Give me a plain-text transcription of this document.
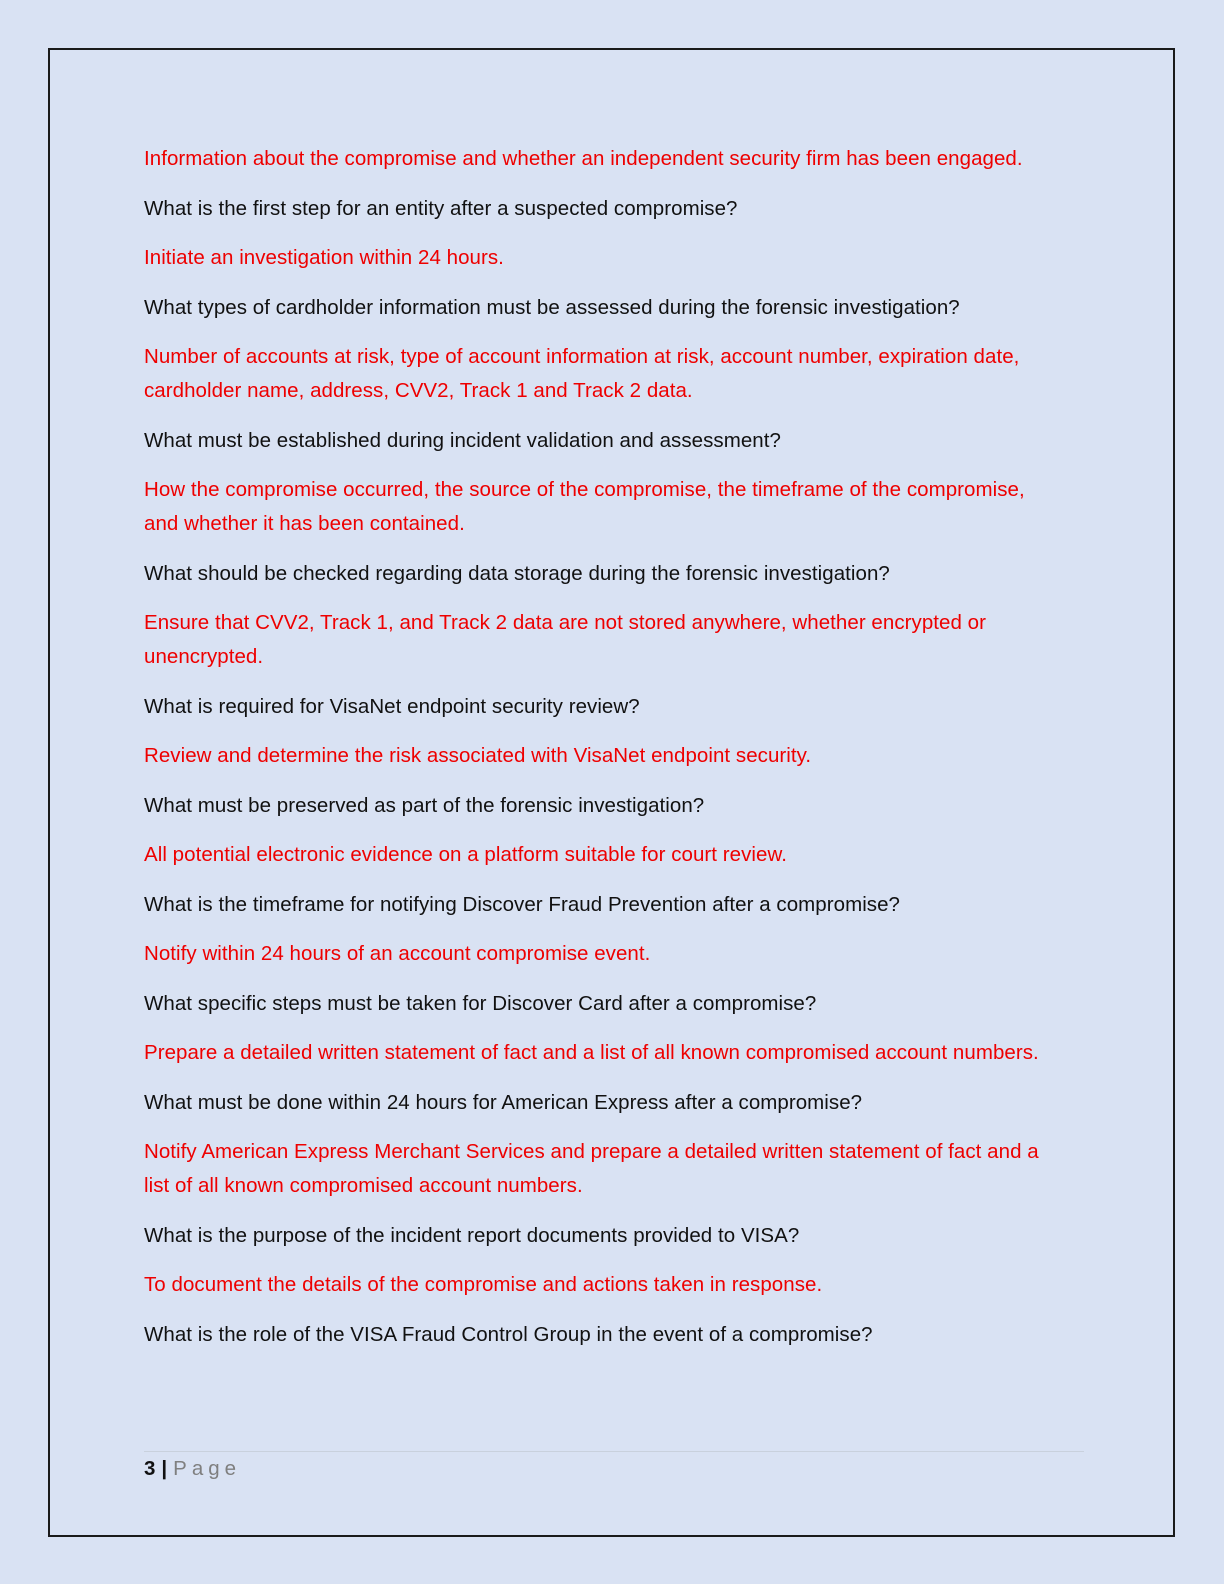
Information about the compromise and whether an independent security firm has been engaged.

What is the first step for an entity after a suspected compromise?

Initiate an investigation within 24 hours.

What types of cardholder information must be assessed during the forensic investigation?

Number of accounts at risk, type of account information at risk, account number, expiration date, cardholder name, address, CVV2, Track 1 and Track 2 data.

What must be established during incident validation and assessment?

How the compromise occurred, the source of the compromise, the timeframe of the compromise, and whether it has been contained.

What should be checked regarding data storage during the forensic investigation?

Ensure that CVV2, Track 1, and Track 2 data are not stored anywhere, whether encrypted or unencrypted.

What is required for VisaNet endpoint security review?

Review and determine the risk associated with VisaNet endpoint security.

What must be preserved as part of the forensic investigation?

All potential electronic evidence on a platform suitable for court review.

What is the timeframe for notifying Discover Fraud Prevention after a compromise?

Notify within 24 hours of an account compromise event.

What specific steps must be taken for Discover Card after a compromise?

Prepare a detailed written statement of fact and a list of all known compromised account numbers.

What must be done within 24 hours for American Express after a compromise?

Notify American Express Merchant Services and prepare a detailed written statement of fact and a list of all known compromised account numbers.

What is the purpose of the incident report documents provided to VISA?

To document the details of the compromise and actions taken in response.

What is the role of the VISA Fraud Control Group in the event of a compromise?

3 | Page
